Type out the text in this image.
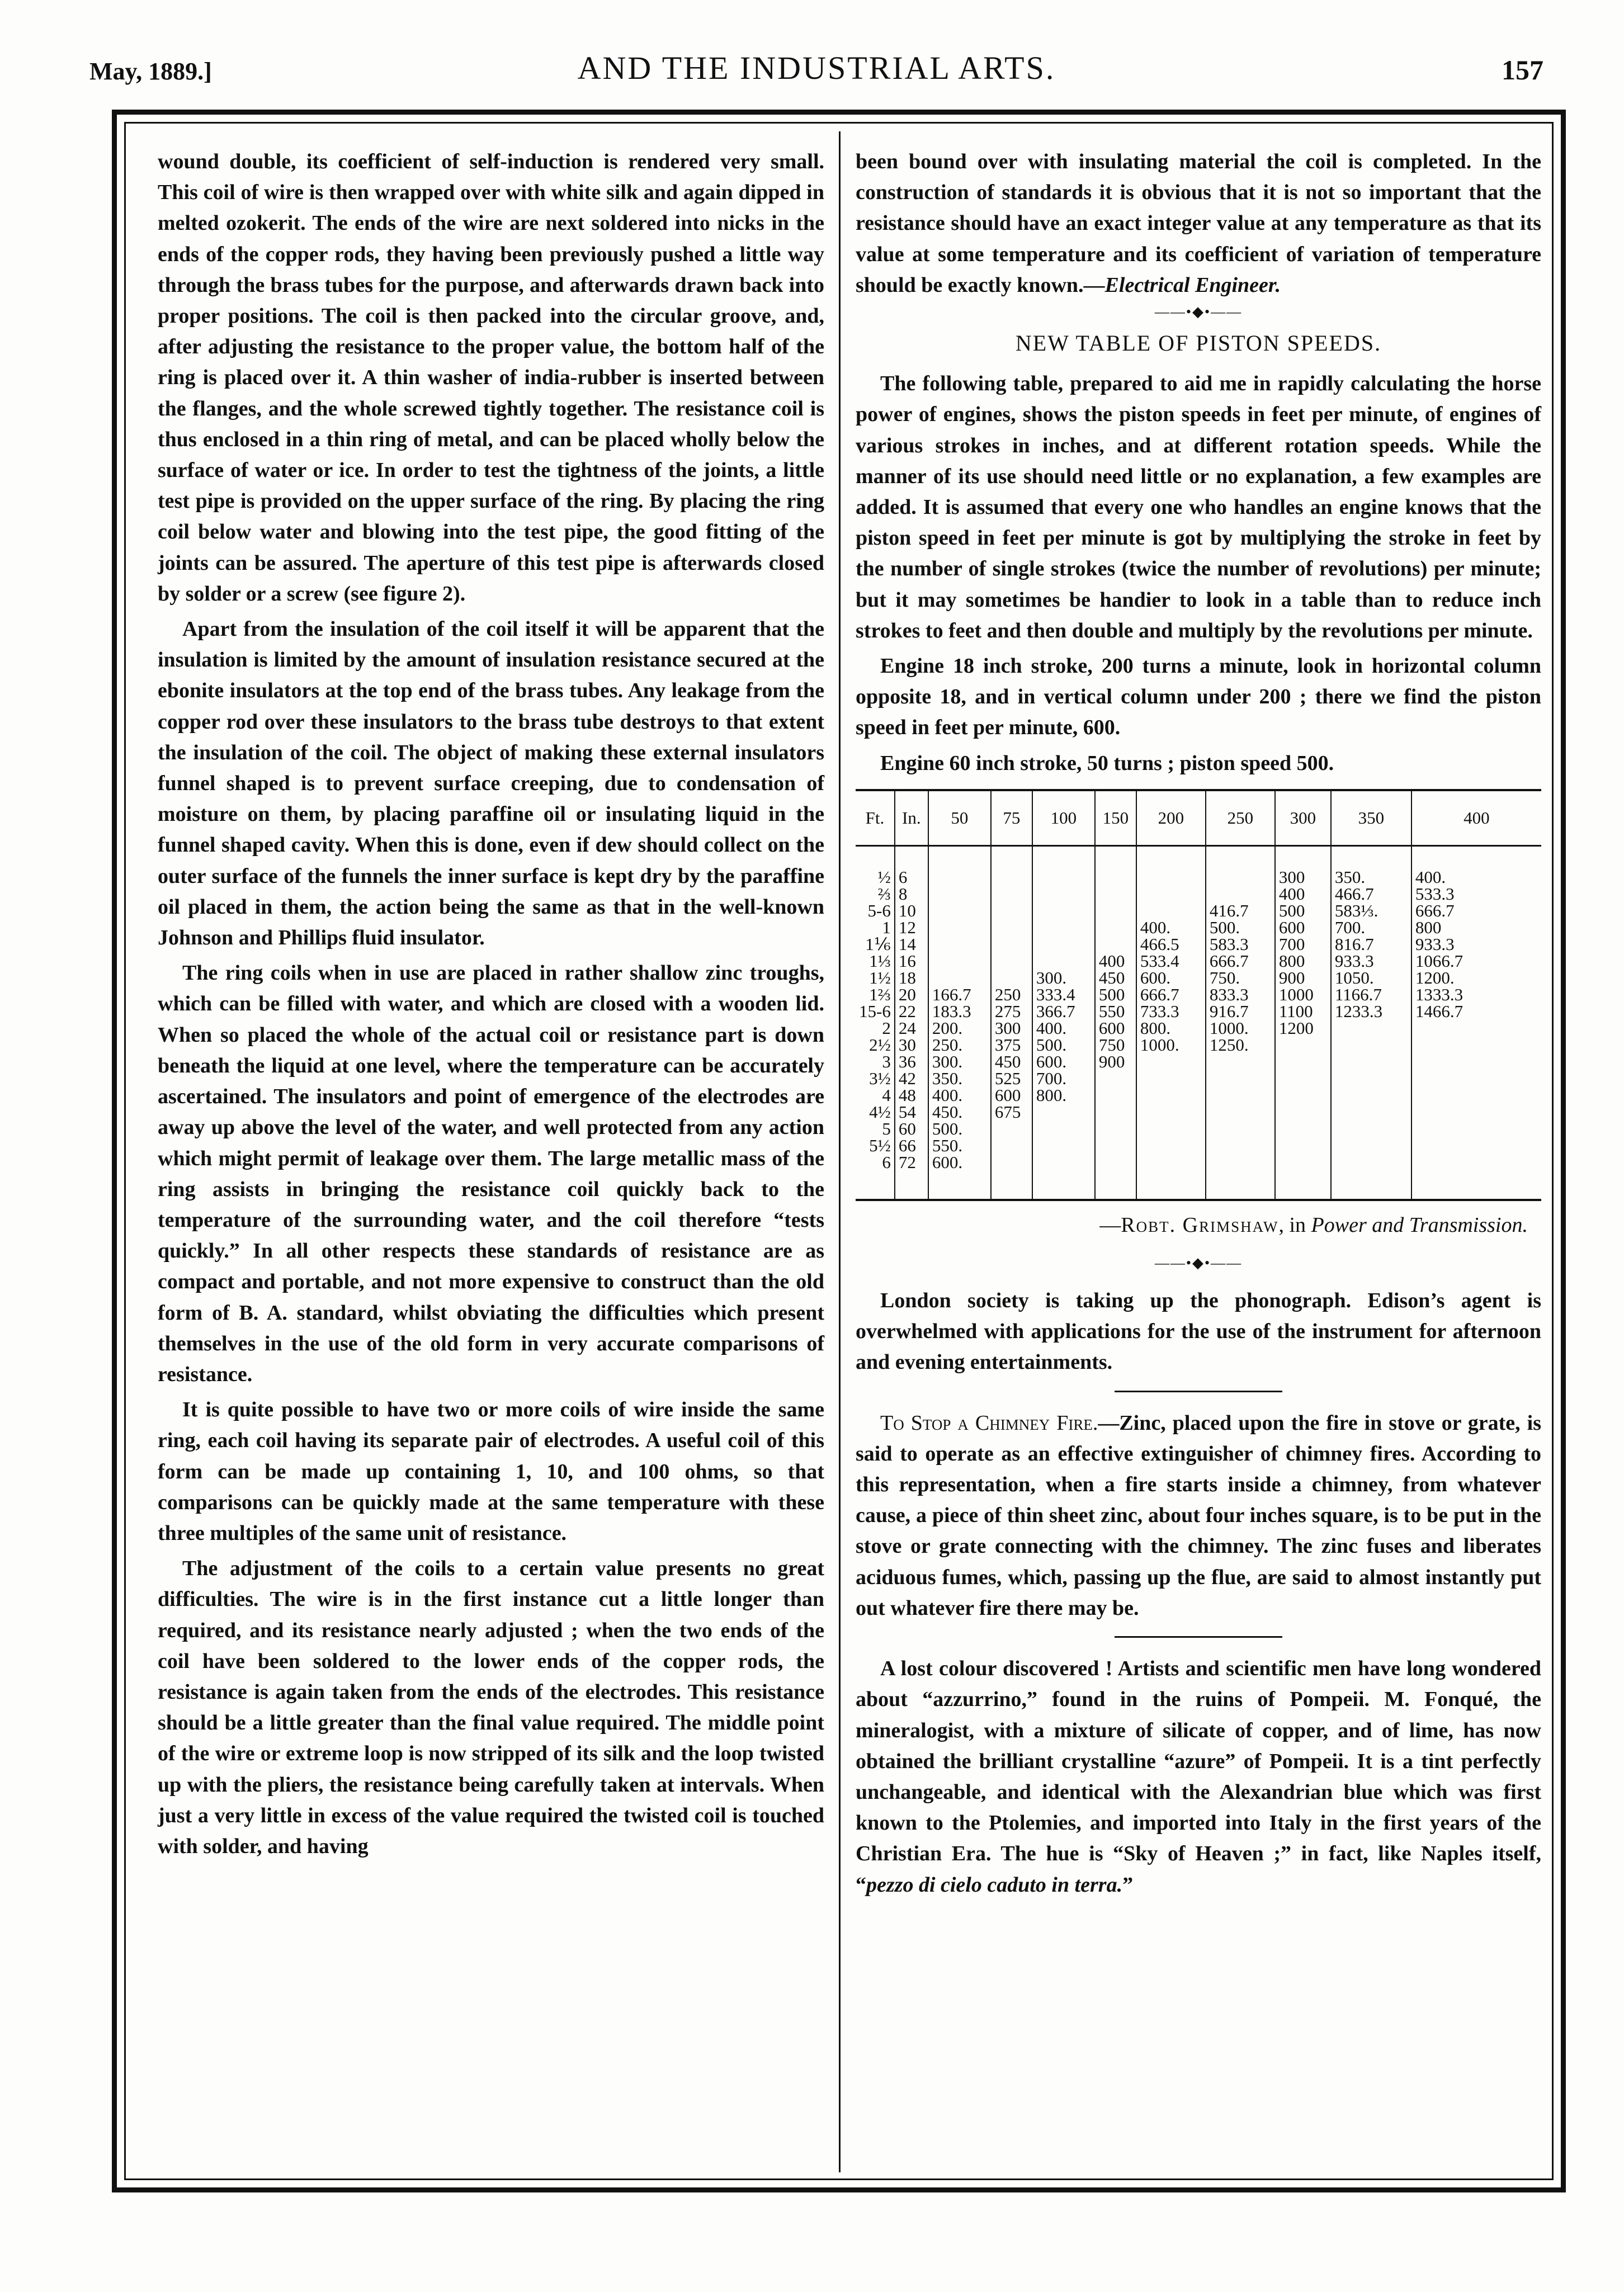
May, 1889.]	AND THE INDUSTRIAL ARTS.	157

wound double, its coefficient of self-induction is rendered very small. This coil of wire is then wrapped over with white silk and again dipped in melted ozokerit. The ends of the wire are next soldered into nicks in the ends of the copper rods, they having been previously pushed a little way through the brass tubes for the purpose, and afterwards drawn back into proper positions. The coil is then packed into the circular groove, and, after adjusting the resistance to the proper value, the bottom half of the ring is placed over it. A thin washer of india-rubber is inserted between the flanges, and the whole screwed tightly together. The resistance coil is thus enclosed in a thin ring of metal, and can be placed wholly below the surface of water or ice. In order to test the tightness of the joints, a little test pipe is provided on the upper surface of the ring. By placing the ring coil below water and blowing into the test pipe, the good fitting of the joints can be assured. The aperture of this test pipe is afterwards closed by solder or a screw (see figure 2).

Apart from the insulation of the coil itself it will be apparent that the insulation is limited by the amount of insulation resistance secured at the ebonite insulators at the top end of the brass tubes. Any leakage from the copper rod over these insulators to the brass tube destroys to that extent the insulation of the coil. The object of making these external insulators funnel shaped is to prevent surface creeping, due to condensation of moisture on them, by placing paraffine oil or insulating liquid in the funnel shaped cavity. When this is done, even if dew should collect on the outer surface of the funnels the inner surface is kept dry by the paraffine oil placed in them, the action being the same as that in the well-known Johnson and Phillips fluid insulator.

The ring coils when in use are placed in rather shallow zinc troughs, which can be filled with water, and which are closed with a wooden lid. When so placed the whole of the actual coil or resistance part is down beneath the liquid at one level, where the temperature can be accurately ascertained. The insulators and point of emergence of the electrodes are away up above the level of the water, and well protected from any action which might permit of leakage over them. The large metallic mass of the ring assists in bringing the resistance coil quickly back to the temperature of the surrounding water, and the coil therefore “tests quickly.” In all other respects these standards of resistance are as compact and portable, and not more expensive to construct than the old form of B. A. standard, whilst obviating the difficulties which present themselves in the use of the old form in very accurate comparisons of resistance.

It is quite possible to have two or more coils of wire inside the same ring, each coil having its separate pair of electrodes. A useful coil of this form can be made up containing 1, 10, and 100 ohms, so that comparisons can be quickly made at the same temperature with these three multiples of the same unit of resistance.

The adjustment of the coils to a certain value presents no great difficulties. The wire is in the first instance cut a little longer than required, and its resistance nearly adjusted ; when the two ends of the coil have been soldered to the lower ends of the copper rods, the resistance is again taken from the ends of the electrodes. This resistance should be a little greater than the final value required. The middle point of the wire or extreme loop is now stripped of its silk and the loop twisted up with the pliers, the resistance being carefully taken at intervals. When just a very little in excess of the value required the twisted coil is touched with solder, and having

been bound over with insulating material the coil is completed. In the construction of standards it is obvious that it is not so important that the resistance should have an exact integer value at any temperature as that its value at some temperature and its coefficient of variation of temperature should be exactly known.—Electrical Engineer.

——•◆•——
NEW TABLE OF PISTON SPEEDS.

The following table, prepared to aid me in rapidly calculating the horse power of engines, shows the piston speeds in feet per minute, of engines of various strokes in inches, and at different rotation speeds. While the manner of its use should need little or no explanation, a few examples are added. It is assumed that every one who handles an engine knows that the piston speed in feet per minute is got by multiplying the stroke in feet by the number of single strokes (twice the number of revolutions) per minute; but it may sometimes be handier to look in a table than to reduce inch strokes to feet and then double and multiply by the revolutions per minute.

Engine 18 inch stroke, 200 turns a minute, look in horizontal column opposite 18, and in vertical column under 200 ; there we find the piston speed in feet per minute, 600.

Engine 60 inch stroke, 50 turns ; piston speed 500.

Ft.	In.	50	75	100	150	200	250	300	350	400

½	6							300	350.	400.
⅔	8							400	466.7	533.3
5-6	10						416.7	500	583⅓.	666.7
1	12					400.	500.	600	700.	800
1⅙	14					466.5	583.3	700	816.7	933.3
1⅓	16				400	533.4	666.7	800	933.3	1066.7
1½	18			300.	450	600.	750.	900	1050.	1200.
1⅔	20	166.7	250	333.4	500	666.7	833.3	1000	1166.7	1333.3
15-6	22	183.3	275	366.7	550	733.3	916.7	1100	1233.3	1466.7
2	24	200.	300	400.	600	800.	1000.	1200		
2½	30	250.	375	500.	750	1000.	1250.			
3	36	300.	450	600.	900					
3½	42	350.	525	700.						
4	48	400.	600	800.						
4½	54	450.	675							
5	60	500.								
5½	66	550.								
6	72	600.								

—Robt. Grimshaw, in Power and Transmission.
——•◆•——

London society is taking up the phonograph. Edison’s agent is overwhelmed with applications for the use of the instrument for afternoon and evening entertainments.

To Stop a Chimney Fire.—Zinc, placed upon the fire in stove or grate, is said to operate as an effective extinguisher of chimney fires. According to this representation, when a fire starts inside a chimney, from whatever cause, a piece of thin sheet zinc, about four inches square, is to be put in the stove or grate connecting with the chimney. The zinc fuses and liberates aciduous fumes, which, passing up the flue, are said to almost instantly put out whatever fire there may be.

A lost colour discovered ! Artists and scientific men have long wondered about “azzurrino,” found in the ruins of Pompeii. M. Fonqué, the mineralogist, with a mixture of silicate of copper, and of lime, has now obtained the brilliant crystalline “azure” of Pompeii. It is a tint perfectly unchangeable, and identical with the Alexandrian blue which was first known to the Ptolemies, and imported into Italy in the first years of the Christian Era. The hue is “Sky of Heaven ;” in fact, like Naples itself, “pezzo di cielo caduto in terra.”
